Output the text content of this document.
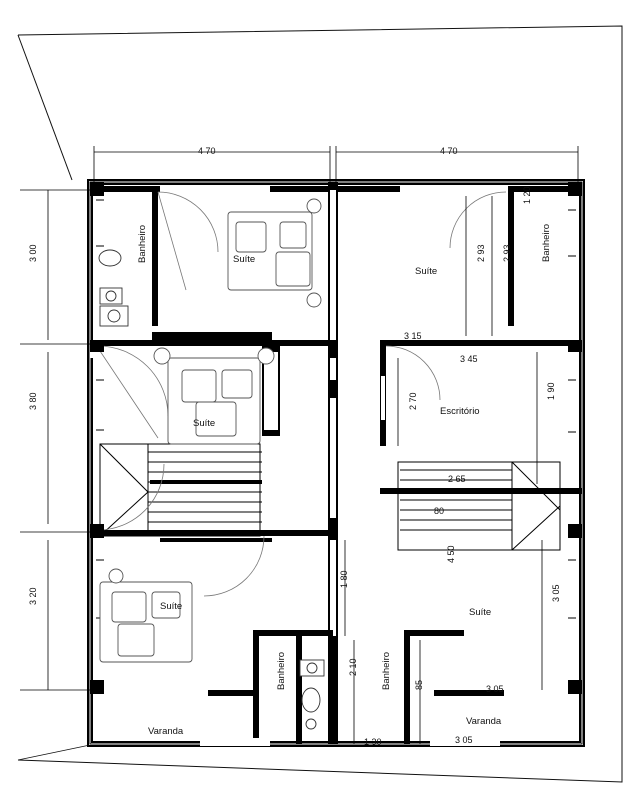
Banheiro	Suíte
Suíte
Suíte
Varanda
Banheiro	Banheiro
Suíte
Banheiro
Escritório
Suíte
Varanda
4 70	4 70
3 00
3 80
3 20
1 20
2 93 2 93
3 15
3 45
1 90
2 70
2 65
80
4 50
3 05
3 05
3 05
2 10
1 80
1 30
85
